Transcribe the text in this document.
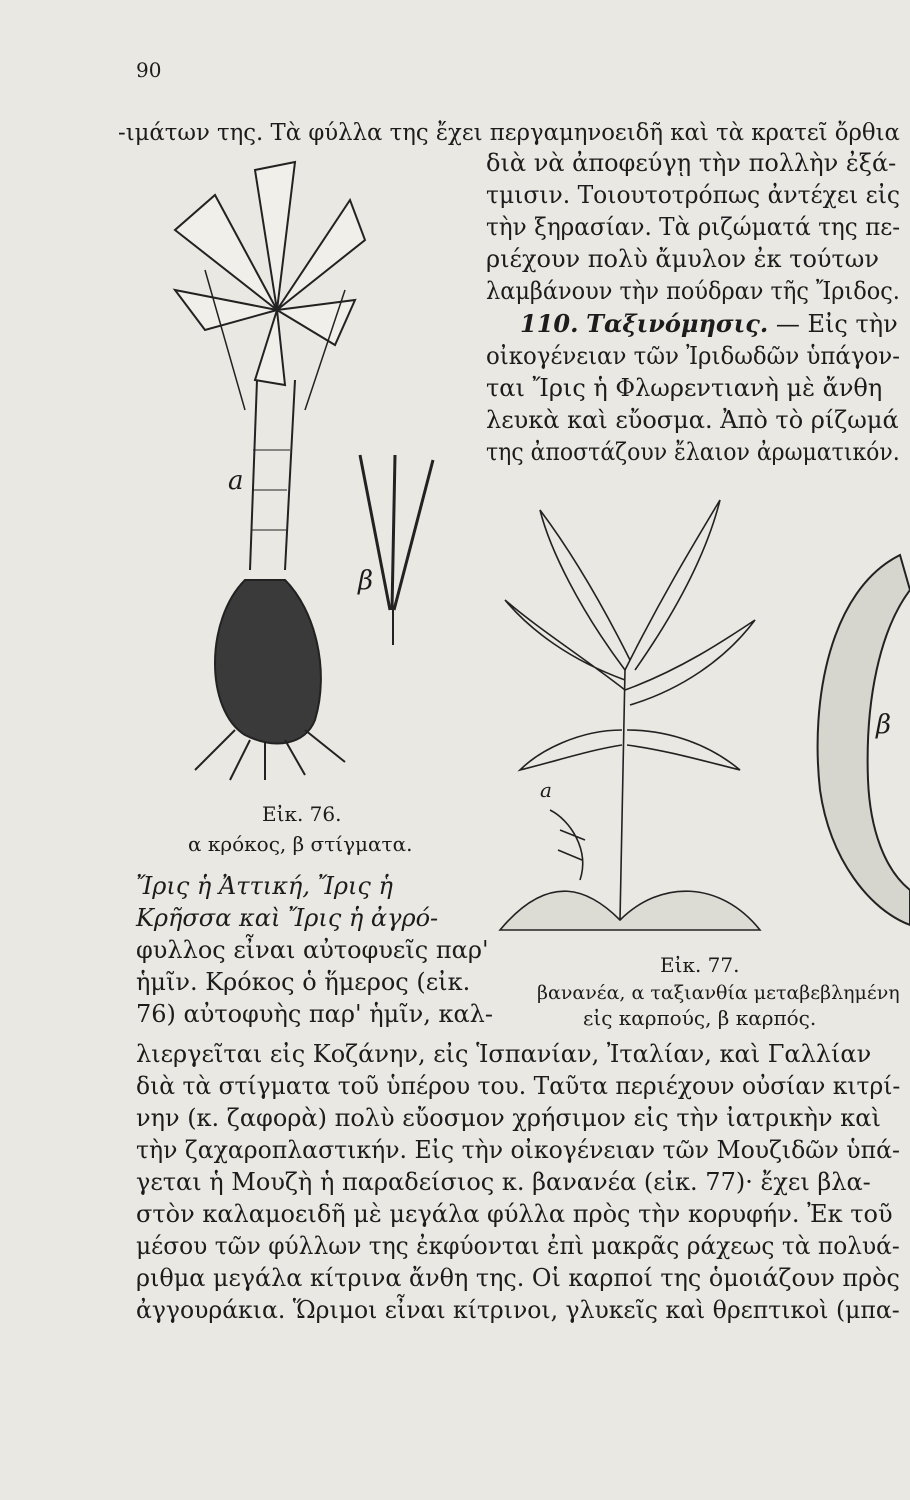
90
-ιμάτων της. Τὰ φύλλα της ἔχει περγαμηνοειδῆ καὶ τὰ κρατεῖ ὄρθια
διὰ νὰ ἀποφεύγῃ τὴν πολλὴν ἐξά-
τμισιν. Τοιουτοτρόπως ἀντέχει εἰς
τὴν ξηρασίαν. Τὰ ριζώματά της πε-
ριέχουν πολὺ ἄμυλον ἐκ τούτων
λαμβάνουν τὴν πούδραν τῆς Ἴριδος.
110. Ταξινόμησις. — Εἰς τὴν
οἰκογένειαν τῶν Ἰριδωδῶν ὑπάγον-
ται Ἴρις ἡ Φλωρεντιανὴ μὲ ἄνθη
λευκὰ καὶ εὔοσμα. Ἀπὸ τὸ ρίζωμά
της ἀποστάζουν ἔλαιον ἀρωματικόν.
a
β
Εἰκ. 76.
α κρόκος, β στίγματα.
a
β
Εἰκ. 77.
βανανέα, α ταξιανθία μεταβεβλημένη
εἰς καρπούς, β καρπός.
Ἴρις ἡ Ἀττική, Ἴρις ἡ
Κρῆσσα καὶ Ἴρις ἡ ἀγρό-
φυλλος εἶναι αὐτοφυεῖς παρ'
ἡμῖν. Κρόκος ὁ ἥμερος (εἰκ.
76) αὐτοφυὴς παρ' ἡμῖν, καλ-
λιεργεῖται εἰς Κοζάνην, εἰς Ἱσπανίαν, Ἰταλίαν, καὶ Γαλλίαν
διὰ τὰ στίγματα τοῦ ὑπέρου του. Ταῦτα περιέχουν οὐσίαν κιτρί-
νην (κ. ζαφορὰ) πολὺ εὔοσμον χρήσιμον εἰς τὴν ἰατρικὴν καὶ
τὴν ζαχαροπλαστικήν. Εἰς τὴν οἰκογένειαν τῶν Μουζιδῶν ὑπά-
γεται ἡ Μουζὴ ἡ παραδείσιος κ. βανανέα (εἰκ. 77)· ἔχει βλα-
στὸν καλαμοειδῆ μὲ μεγάλα φύλλα πρὸς τὴν κορυφήν. Ἐκ τοῦ
μέσου τῶν φύλλων της ἐκφύονται ἐπὶ μακρᾶς ράχεως τὰ πολυά-
ριθμα μεγάλα κίτρινα ἄνθη της. Οἱ καρποί της ὁμοιάζουν πρὸς
ἀγγουράκια. Ὥριμοι εἶναι κίτρινοι, γλυκεῖς καὶ θρεπτικοὶ (μπα-
